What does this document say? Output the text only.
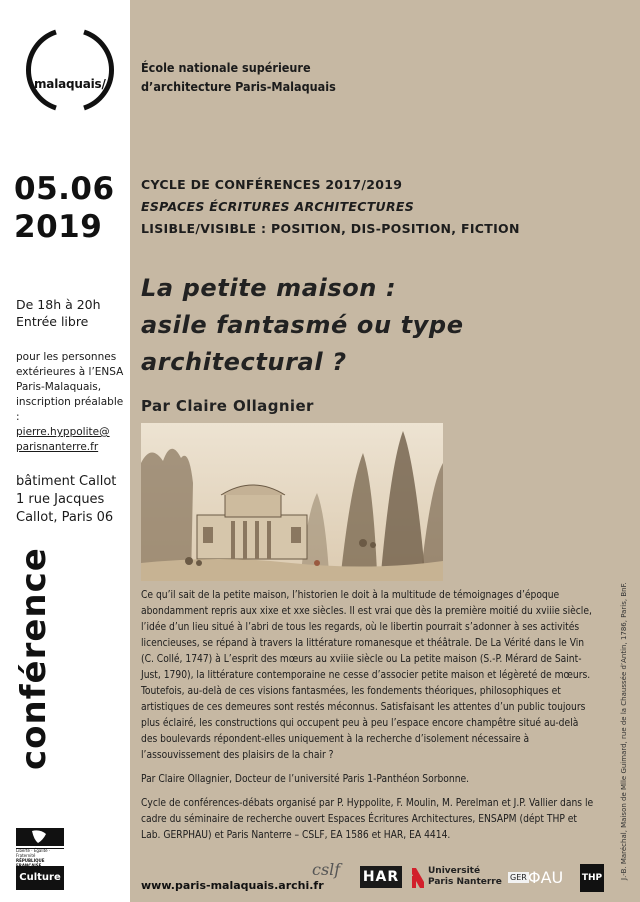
malaquais/
École nationale supérieure
d’architecture Paris-Malaquais
05.06
2019
De 18h à 20h
Entrée libre
pour les personnes
extérieures à l’ENSA
Paris-Malaquais,
inscription préalable :
pierre.hyppolite@
parisnanterre.fr
bâtiment Callot
1 rue Jacques
Callot, Paris 06
conférence
Liberté · Égalité · Fraternité
RÉPUBLIQUE
Culture
CYCLE DE CONFÉRENCES 2017/2019
ESPACES ÉCRITURES ARCHITECTURES
LISIBLE/VISIBLE : POSITION, DIS-POSITION, FICTION
La petite maison :
asile fantasmé ou type
architectural ?
Par Claire Ollagnier
J.-B. Maréchal, Maison de Mlle Guimard, rue de la Chaussée d’Antin, 1786, Paris, BnF.

Ce qu’il sait de la petite maison, l’historien le doit à la multitude de témoignages d’époque abondamment repris aux xixe et xxe siècles. Il est vrai que dès la première moitié du xviiie siècle, l’idée d’un lieu situé à l’abri de tous les regards, où le libertin pourrait s’adonner à ses activités licencieuses, se répand à travers la littérature romanesque et théâtrale. De La Vérité dans le Vin (C. Collé, 1747) à L’esprit des mœurs au xviiie siècle ou La petite maison (S.-P. Mérard de Saint-Just, 1790), la littérature contemporaine ne cesse d’associer petite maison et légèreté de mœurs. Toutefois, au-delà de ces visions fantasmées, les fondements théoriques, philosophiques et artistiques de ces demeures sont restés méconnus. Satisfaisant les attentes d’un public toujours plus éclairé, les constructions qui occupent peu à peu l’espace encore champêtre situé au-delà des boulevards répondent-elles uniquement à la recherche d’isolement nécessaire à l’assouvissement des plaisirs de la chair ?

Par Claire Ollagnier, Docteur de l’université Paris 1-Panthéon Sorbonne.

Cycle de conférences-débats organisé par P. Hyppolite, F. Moulin, M. Perelman et J.P. Vallier dans le cadre du séminaire de recherche ouvert Espaces Écritures Architectures, ENSAPM (dépt THP et Lab. GERPHAU) et Paris Nanterre – CSLF, EA 1586 et HAR, EA 4414.

www.paris-malaquais.archi.fr
cslf HAR	Université
Paris Nanterre GER ΦAU THP
